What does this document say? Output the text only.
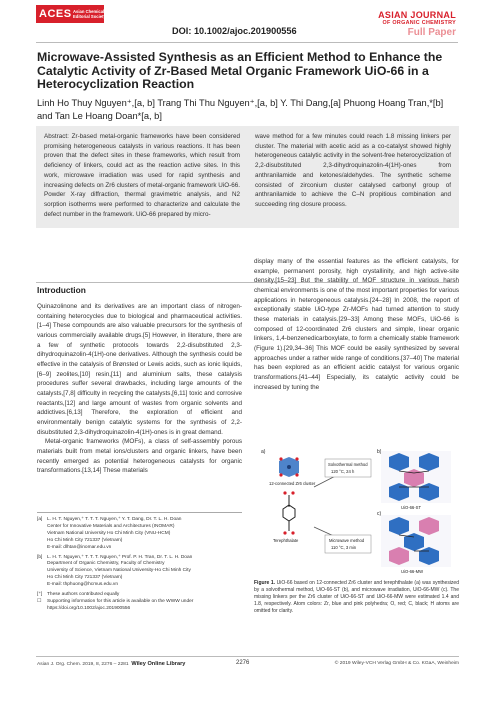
ACES Asian Chemical Editorial Society	ASIAN JOURNAL
OF ORGANIC CHEMISTRY
Full Paper
DOI: 10.1002/ajoc.201900556
Microwave-Assisted Synthesis as an Efficient Method to Enhance the Catalytic Activity of Zr-Based Metal Organic Framework UiO-66 in a Heterocyclization Reaction
Linh Ho Thuy Nguyen⁺,[a, b] Trang Thi Thu Nguyen⁺,[a, b] Y. Thi Dang,[a] Phuong Hoang Tran,*[b] and Tan Le Hoang Doan*[a, b]
Abstract: Zr-based metal-organic frameworks have been considered promising heterogeneous catalysts in various reactions. It has been proven that the defect sites in these frameworks, which result from deficiency of linkers, could act as the reaction active sites. In this work, microwave irradiation was used for rapid synthesis and increasing defects on Zr6 clusters of metal-organic framework UiO-66. Powder X-ray diffraction, thermal gravimetric analysis, and N2 sorption isotherms were performed to characterize and calculate the defect number in the framework. UiO-66 prepared by micro-
wave method for a few minutes could reach 1.8 missing linkers per cluster. The material with acetic acid as a co-catalyst showed highly heterogeneous catalytic activity in the solvent-free heterocyclization of 2,2-disubstituted 2,3-dihydroquinazolin-4(1H)-ones from anthranilamide and ketones/aldehydes. The synthetic scheme consisted of zirconium cluster catalysed carbonyl group of anthranilamide to achieve the C–N propitious combination and succeeding ring closure process.
Introduction

Quinazolinone and its derivatives are an important class of nitrogen-containing heterocycles due to biological and pharmaceutical activities.[1–4] These compounds are also valuable precursors for the synthesis of various commercially available drugs.[5] However, in literature, there are a few of synthetic protocols towards 2,2-disubstituted 2,3-dihydroquinazolin-4(1H)-one derivatives. Although the synthesis could be effective in the catalysis of Brønsted or Lewis acids, such as ionic liquids,[6–9] zeolites,[10] resin,[11] and aluminium salts, these catalysis procedures suffer several drawbacks, including large amounts of the catalysts,[7,8] difficulty in recycling the catalysts,[6,11] toxic and corrosive reactants,[12] and large amount of wastes from organic solvents and addictives.[6,13] Therefore, the exploration of efficient and environmentally benign catalytic systems for the synthesis of 2,2-disubstituted 2,3-dihydroquinazolin-4(1H)-ones is in great demand.

Metal-organic frameworks (MOFs), a class of self-assembly porous materials built from metal ions/clusters and organic linkers, have been recently emerged as potential heterogeneous catalysts for organic transformations.[13,14] These materials

display many of the essential features as the efficient catalysts, for example, permanent porosity, high crystallinity, and high active-site density.[15–23] But the stability of MOF structure in various harsh chemical environments is one of the most important properties for various applications in heterogeneous catalysis.[24–28] In 2008, the report of exceptionally stable UiO-type Zr-MOFs had turned attention to study these materials in catalysis.[29–33] Among these MOFs, UiO-66 is composed of 12-coordinated Zr6 clusters and simple, linear organic linkers, 1,4-benzenedicarboxylate, to form a chemically stable framework (Figure 1).[29,34–36] This MOF could be easily synthesized by several approaches under a rather wide range of conditions.[37–40] The material has been explored as an efficient acidic catalyst for various organic transformations.[41–44] Especially, its catalytic activity could be increased by tuning the

[a] L. H. T. Nguyen,⁺ T. T. T. Nguyen,⁺ Y. T. Dang, Dr. T. L. H. Doan
Center for Innovative Materials and Architectures (INOMAR)
Vietnam National University Ho Chi Minh City (VNU-HCM)
Ho Chi Minh City 721337 (Vietnam)
E-mail: dlhtan@inomar.edu.vn
[b] L. H. T. Nguyen,⁺ T. T. T. Nguyen,⁺ Prof. P. H. Tran, Dr. T. L. H. Doan
Department of Organic Chemistry, Faculty of Chemistry
University of Science, Vietnam National University-Ho Chi Minh City
Ho Chi Minh City 721337 (Vietnam)
E-mail: thphuong@hcmus.edu.vn
[⁺] These authors contributed equally
☐	Supporting information for this article is available on the WWW under https://doi.org/10.1002/ajoc.201900556
a)
12-connected Zr6 cluster
Terephthalate
Solvothermal method
120 °C, 24 h
Microwave method
110 °C, 3 min
b)
UiO-66-ST
c)
UiO-66-MW
Figure 1. UiO-66 based on 12-connected Zr6 cluster and terephthalate (a) was synthesized by a solvothermal method, UiO-66-ST (b), and microwave irradiation, UiO-66-MW (c). The missing linkers per the Zr6 cluster of UiO-66-ST and UiO-66-MW were estimated 1.4 and 1.8, respectively. Atom colors: Zr, blue and pink polyhedra; O, red; C, black; H atoms are omitted for clarity.
Asian J. Org. Chem. 2019, 8, 2276 – 2281 Wiley Online Library	2276	© 2019 Wiley-VCH Verlag GmbH & Co. KGaA, Weinheim
